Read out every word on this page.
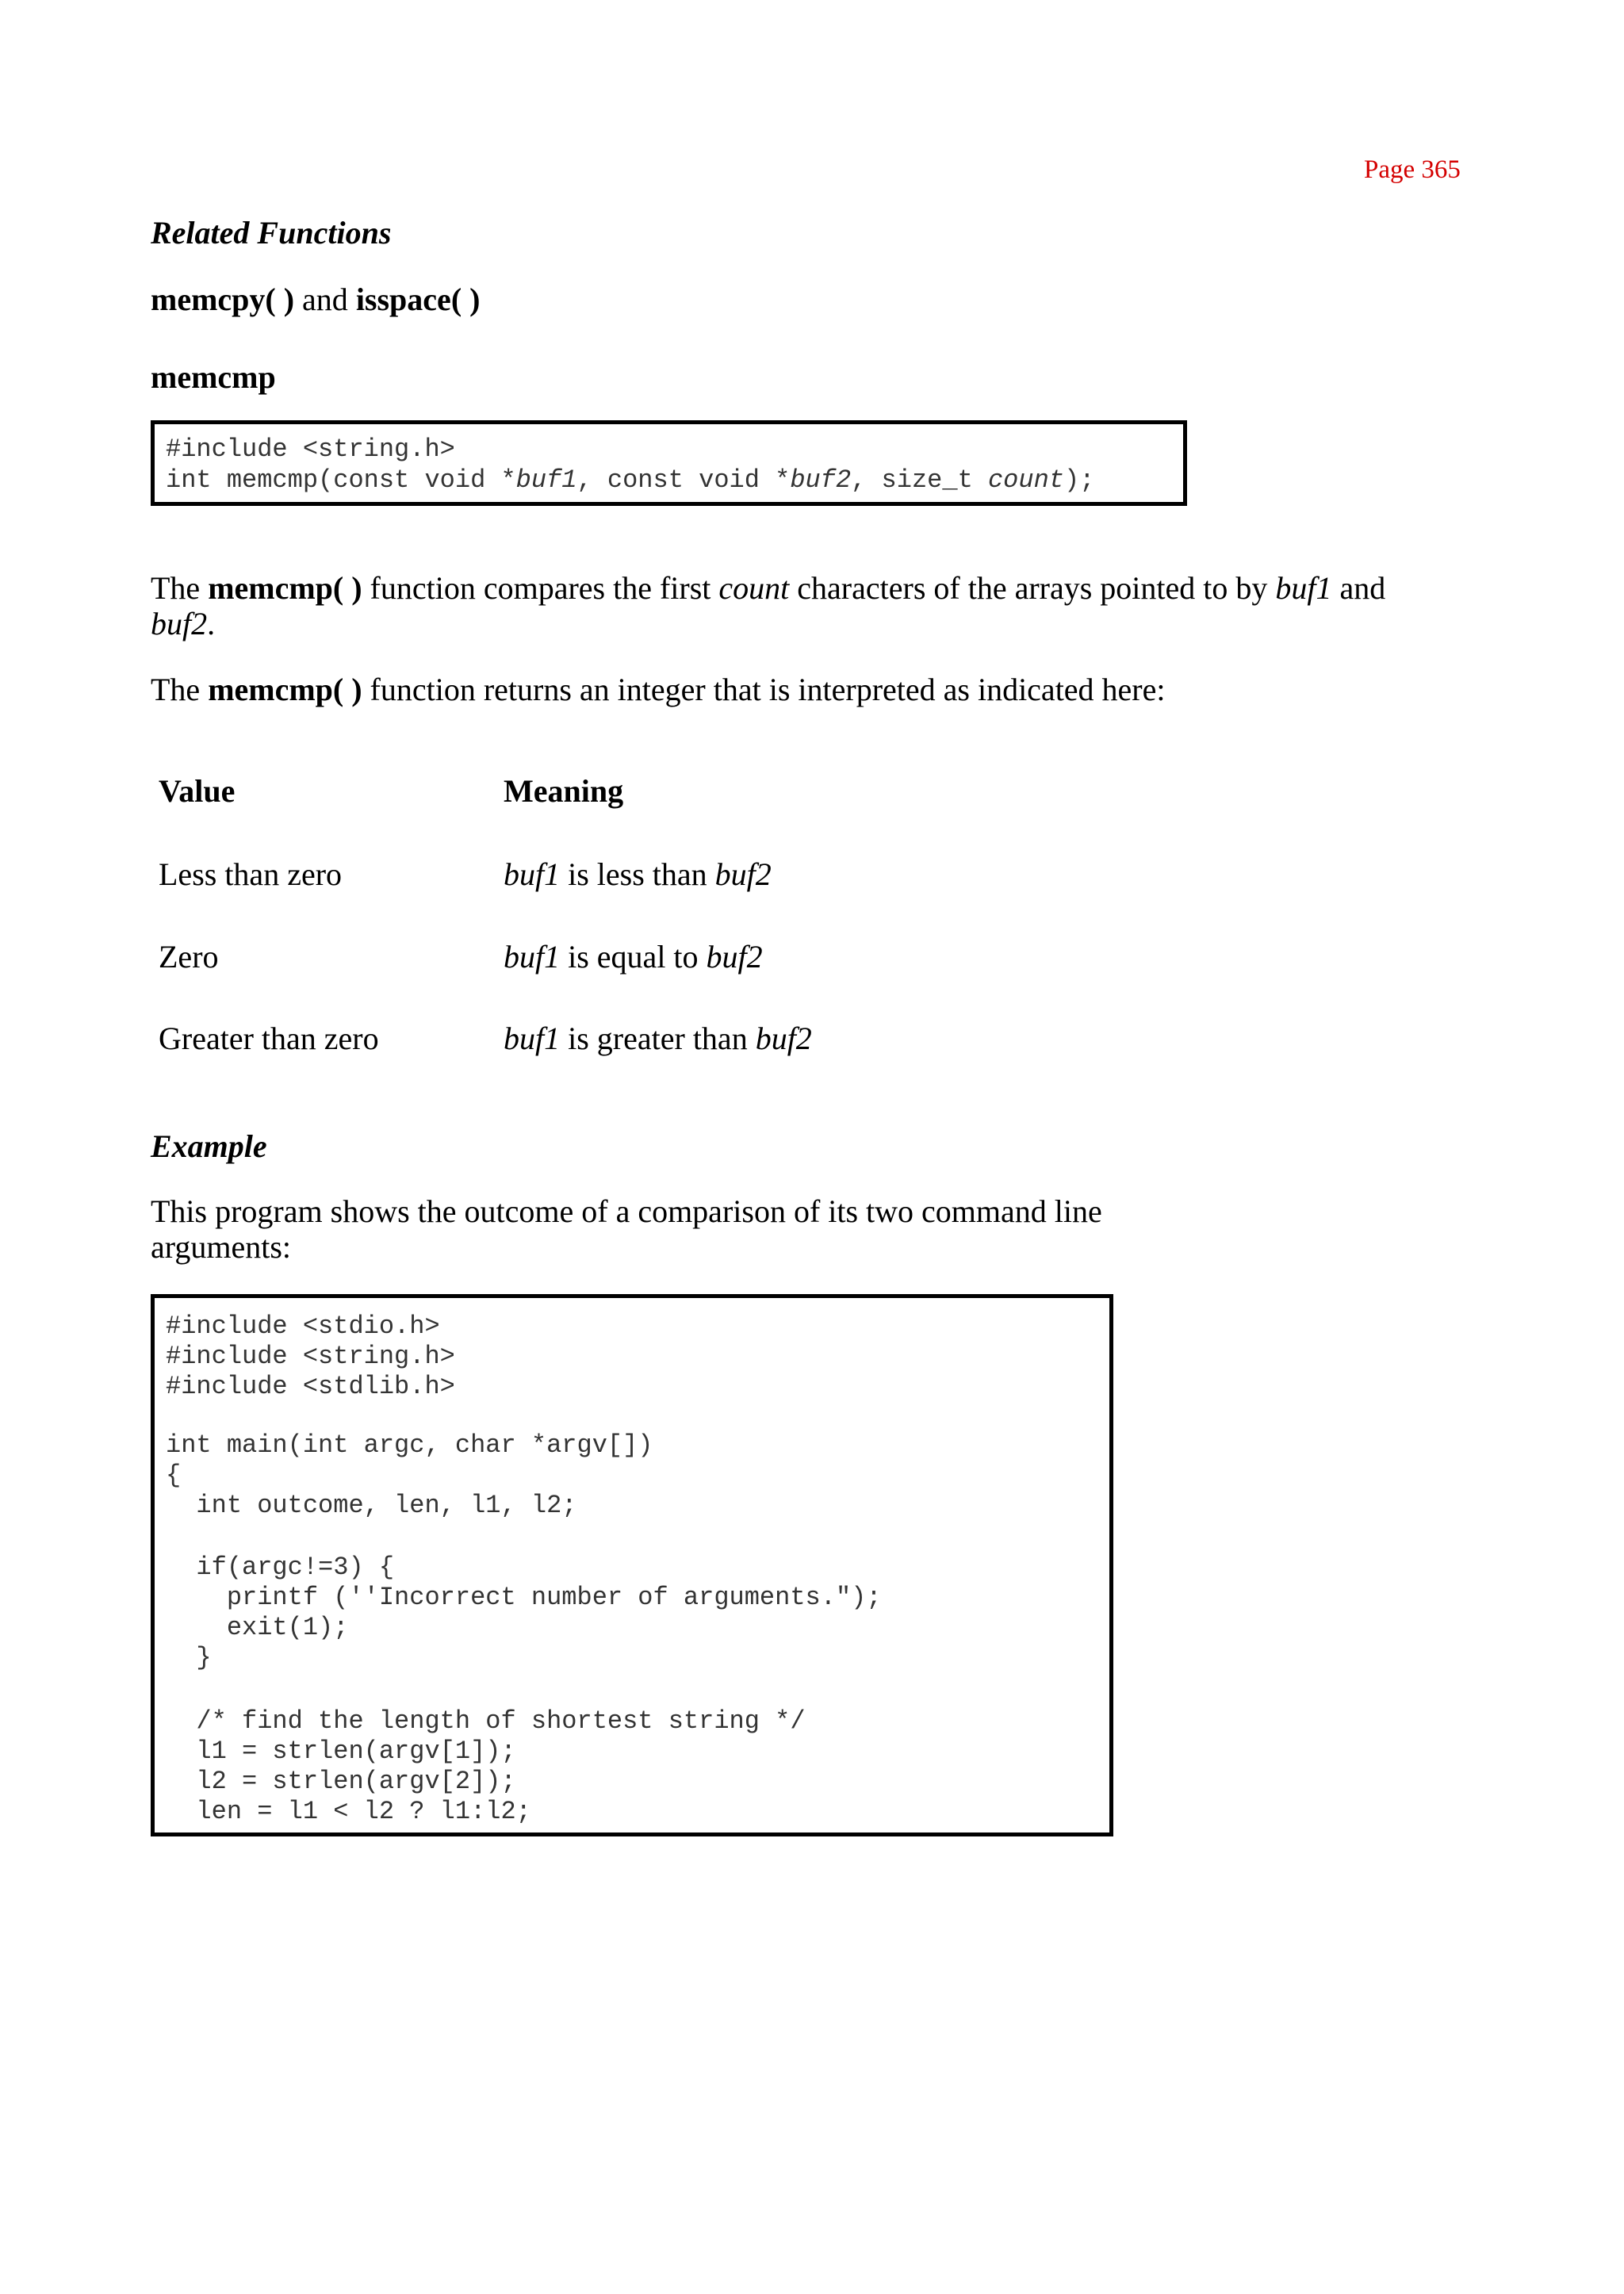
Page 365
Related Functions
memcpy( ) and isspace( )
memcmp
#include <string.h>
int memcmp(const void *buf1, const void *buf2, size_t count);
The memcmp( ) function compares the first count characters of the arrays pointed to by buf1 and
buf2.
The memcmp( ) function returns an integer that is interpreted as indicated here:
Value	Meaning
Less than zero	buf1 is less than buf2
Zero	buf1 is equal to buf2
Greater than zero	buf1 is greater than buf2
Example
This program shows the outcome of a comparison of its two command line
arguments:
#include <stdio.h>
#include <string.h>
#include <stdlib.h>
int main(int argc, char *argv[])
{
int outcome, len, l1, l2;
if(argc!=3) {
printf (''Incorrect number of arguments.");
exit(1);
}
/* find the length of shortest string */
l1 = strlen(argv[1]);
l2 = strlen(argv[2]);
len = l1 < l2 ? l1:l2;
